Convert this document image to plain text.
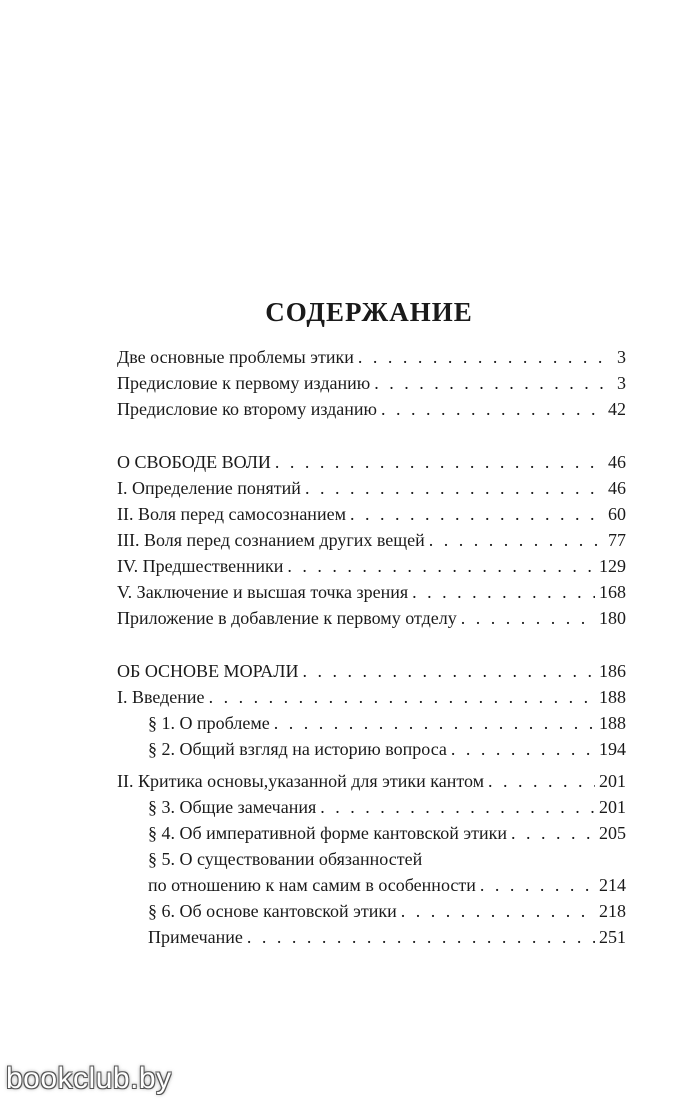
СОДЕРЖАНИЕ
Две основные проблемы этики . . .	3
Предисловие к первому изданию . . .	3
Предисловие ко второму изданию . . .	42
О СВОБОДЕ ВОЛИ . . .	46
I. Определение понятий . . .	46
II. Воля перед самосознанием . . .	60
III. Воля перед сознанием других вещей . . .	77
IV. Предшественники . . .	129
V. Заключение и высшая точка зрения . . .	168
Приложение в добавление к первому отделу . . .	180
ОБ ОСНОВЕ МОРАЛИ . . .	186
I. Введение . . .	188
§ 1. О проблеме . . .	188
§ 2. Общий взгляд на историю вопроса . . .	194
II. Критика основы,указанной для этики кантом . . .	201
§ 3. Общие замечания . . .	201
§ 4. Об императивной форме кантовской этики . . .	205
§ 5. О существовании обязанностей
по отношению к нам самим в особенности . . .	214
§ 6. Об основе кантовской этики . . .	218
Примечание . . .	251
bookclub.by
